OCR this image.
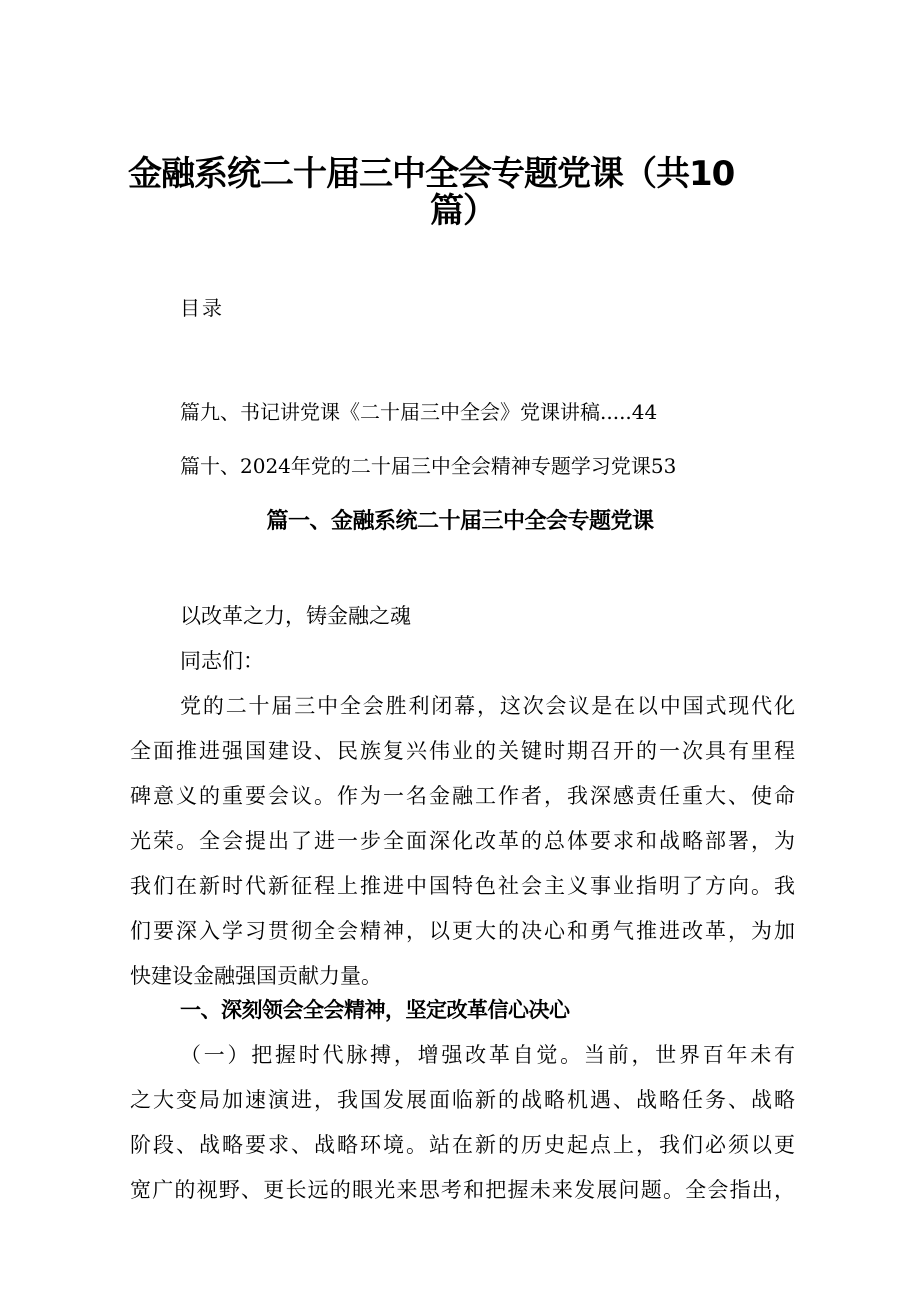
金融系统二十届三中全会专题党课（共10
篇）
目录
篇九、书记讲党课《二十届三中全会》党课讲稿.....44
篇十、2024年党的二十届三中全会精神专题学习党课53
篇一、金融系统二十届三中全会专题党课
以改革之力，铸金融之魂
同志们：
党的二十届三中全会胜利闭幕，这次会议是在以中国式现代化
全面推进强国建设、民族复兴伟业的关键时期召开的一次具有里程
碑意义的重要会议。作为一名金融工作者，我深感责任重大、使命
光荣。全会提出了进一步全面深化改革的总体要求和战略部署，为
我们在新时代新征程上推进中国特色社会主义事业指明了方向。我
们要深入学习贯彻全会精神，以更大的决心和勇气推进改革，为加
快建设金融强国贡献力量。
一、深刻领会全会精神，坚定改革信心决心
（一）把握时代脉搏，增强改革自觉。当前，世界百年未有
之大变局加速演进，我国发展面临新的战略机遇、战略任务、战略
阶段、战略要求、战略环境。站在新的历史起点上，我们必须以更
宽广的视野、更长远的眼光来思考和把握未来发展问题。全会指出，
